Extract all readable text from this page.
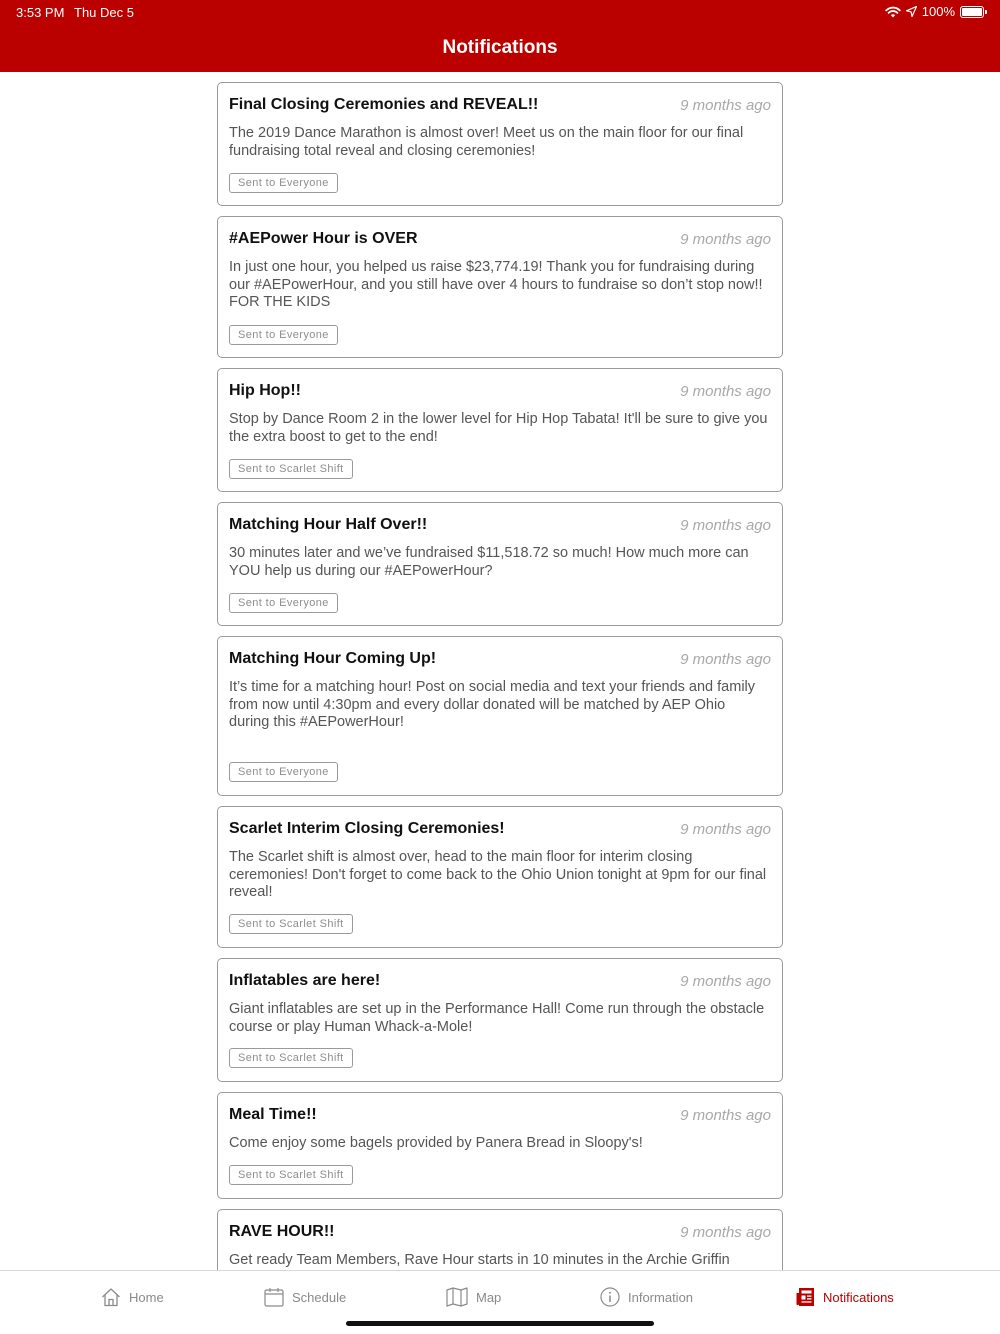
3:53 PM Thu Dec 5	100%
Notifications
Final Closing Ceremonies and REVEAL!!	9 months ago
The 2019 Dance Marathon is almost over! Meet us on the main floor for our final fundraising total reveal and closing ceremonies!
Sent to Everyone
#AEPower Hour is OVER	9 months ago
In just one hour, you helped us raise $23,774.19! Thank you for fundraising during our #AEPowerHour, and you still have over 4 hours to fundraise so don’t stop now!! FOR THE KIDS
Sent to Everyone
Hip Hop!!	9 months ago
Stop by Dance Room 2 in the lower level for Hip Hop Tabata! It'll be sure to give you the extra boost to get to the end!
Sent to Scarlet Shift
Matching Hour Half Over!!	9 months ago
30 minutes later and we’ve fundraised $11,518.72 so much! How much more can YOU help us during our #AEPowerHour?
Sent to Everyone
Matching Hour Coming Up!	9 months ago
It’s time for a matching hour! Post on social media and text your friends and family from now until 4:30pm and every dollar donated will be matched by AEP Ohio during this #AEPowerHour!
Sent to Everyone
Scarlet Interim Closing Ceremonies!	9 months ago
The Scarlet shift is almost over, head to the main floor for interim closing ceremonies! Don't forget to come back to the Ohio Union tonight at 9pm for our final reveal!
Sent to Scarlet Shift
Inflatables are here!	9 months ago
Giant inflatables are set up in the Performance Hall! Come run through the obstacle course or play Human Whack-a-Mole!
Sent to Scarlet Shift
Meal Time!!	9 months ago
Come enjoy some bagels provided by Panera Bread in Sloopy's!
Sent to Scarlet Shift
RAVE HOUR!!	9 months ago
Get ready Team Members, Rave Hour starts in 10 minutes in the Archie Griffin
Home	Schedule	Map	Information	Notifications
